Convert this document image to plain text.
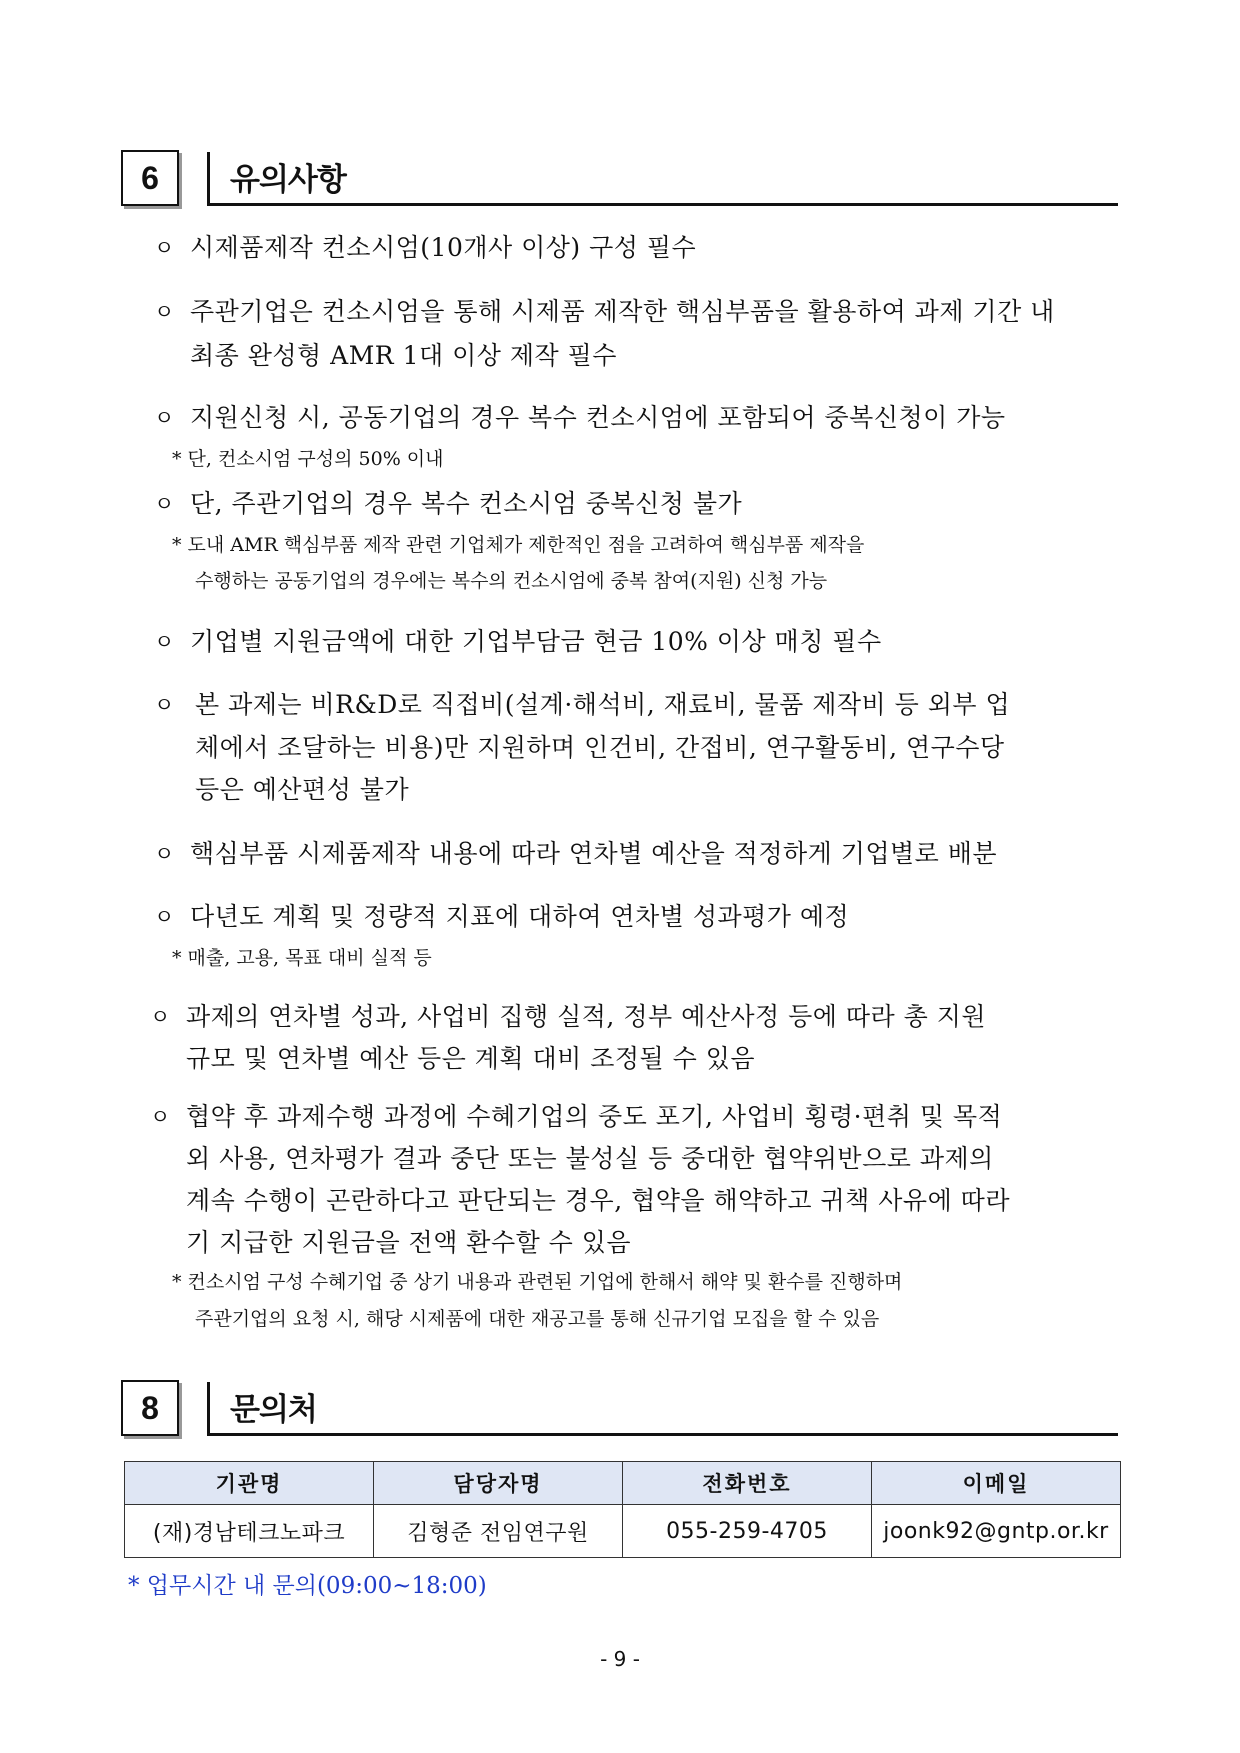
6	유의사항
ㅇ 시제품제작 컨소시엄(10개사 이상) 구성 필수

ㅇ 주관기업은 컨소시엄을 통해 시제품 제작한 핵심부품을 활용하여 과제 기간 내

최종 완성형 AMR 1대 이상 제작 필수

ㅇ 지원신청 시, 공동기업의 경우 복수 컨소시엄에 포함되어 중복신청이 가능

* 단, 컨소시엄 구성의 50% 이내

ㅇ 단, 주관기업의 경우 복수 컨소시엄 중복신청 불가

* 도내 AMR 핵심부품 제작 관련 기업체가 제한적인 점을 고려하여 핵심부품 제작을

수행하는 공동기업의 경우에는 복수의 컨소시엄에 중복 참여(지원) 신청 가능

ㅇ 기업별 지원금액에 대한 기업부담금 현금 10% 이상 매칭 필수

ㅇ 본 과제는 비R&D로 직접비(설계·해석비, 재료비, 물품 제작비 등 외부 업

체에서 조달하는 비용)만 지원하며 인건비, 간접비, 연구활동비, 연구수당

등은 예산편성 불가

ㅇ 핵심부품 시제품제작 내용에 따라 연차별 예산을 적정하게 기업별로 배분

ㅇ 다년도 계획 및 정량적 지표에 대하여 연차별 성과평가 예정

* 매출, 고용, 목표 대비 실적 등

ㅇ 과제의 연차별 성과, 사업비 집행 실적, 정부 예산사정 등에 따라 총 지원

규모 및 연차별 예산 등은 계획 대비 조정될 수 있음

ㅇ 협약 후 과제수행 과정에 수혜기업의 중도 포기, 사업비 횡령·편취 및 목적

외 사용, 연차평가 결과 중단 또는 불성실 등 중대한 협약위반으로 과제의

계속 수행이 곤란하다고 판단되는 경우, 협약을 해약하고 귀책 사유에 따라

기 지급한 지원금을 전액 환수할 수 있음

* 컨소시엄 구성 수혜기업 중 상기 내용과 관련된 기업에 한해서 해약 및 환수를 진행하며

주관기업의 요청 시, 해당 시제품에 대한 재공고를 통해 신규기업 모집을 할 수 있음

8	문의처
기관명	담당자명	전화번호	이메일
(재)경남테크노파크	김형준 전임연구원	055-259-4705	joonk92@gntp.or.kr
* 업무시간 내 문의(09:00~18:00)
- 9 -
